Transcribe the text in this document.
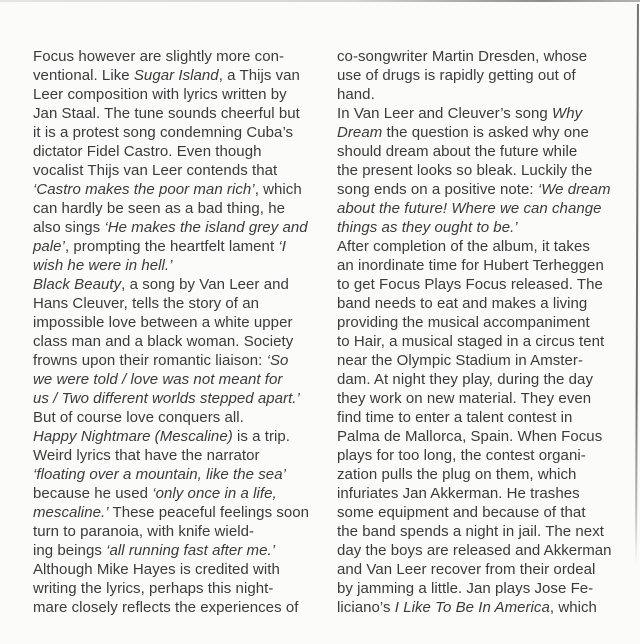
Focus however are slightly more con-
ventional. Like Sugar Island, a Thijs van
Leer composition with lyrics written by
Jan Staal. The tune sounds cheerful but
it is a protest song condemning Cuba’s
dictator Fidel Castro. Even though
vocalist Thijs van Leer contends that
‘Castro makes the poor man rich’, which
can hardly be seen as a bad thing, he
also sings ‘He makes the island grey and
pale’, prompting the heartfelt lament ‘I
wish he were in hell.’
Black Beauty, a song by Van Leer and
Hans Cleuver, tells the story of an
impossible love between a white upper
class man and a black woman. Society
frowns upon their romantic liaison: ‘So
we were told / love was not meant for
us / Two different worlds stepped apart.’
But of course love conquers all.
Happy Nightmare (Mescaline) is a trip.
Weird lyrics that have the narrator
‘floating over a mountain, like the sea’
because he used ‘only once in a life,
mescaline.’ These peaceful feelings soon
turn to paranoia, with knife wield-
ing beings ‘all running fast after me.’
Although Mike Hayes is credited with
writing the lyrics, perhaps this night-
mare closely reflects the experiences of
co-songwriter Martin Dresden, whose
use of drugs is rapidly getting out of
hand.
In Van Leer and Cleuver’s song Why
Dream the question is asked why one
should dream about the future while
the present looks so bleak. Luckily the
song ends on a positive note: ‘We dream
about the future! Where we can change
things as they ought to be.’
After completion of the album, it takes
an inordinate time for Hubert Terheggen
to get Focus Plays Focus released. The
band needs to eat and makes a living
providing the musical accompaniment
to Hair, a musical staged in a circus tent
near the Olympic Stadium in Amster-
dam. At night they play, during the day
they work on new material. They even
find time to enter a talent contest in
Palma de Mallorca, Spain. When Focus
plays for too long, the contest organi-
zation pulls the plug on them, which
infuriates Jan Akkerman. He trashes
some equipment and because of that
the band spends a night in jail. The next
day the boys are released and Akkerman
and Van Leer recover from their ordeal
by jamming a little. Jan plays Jose Fe-
liciano’s I Like To Be In America, which
